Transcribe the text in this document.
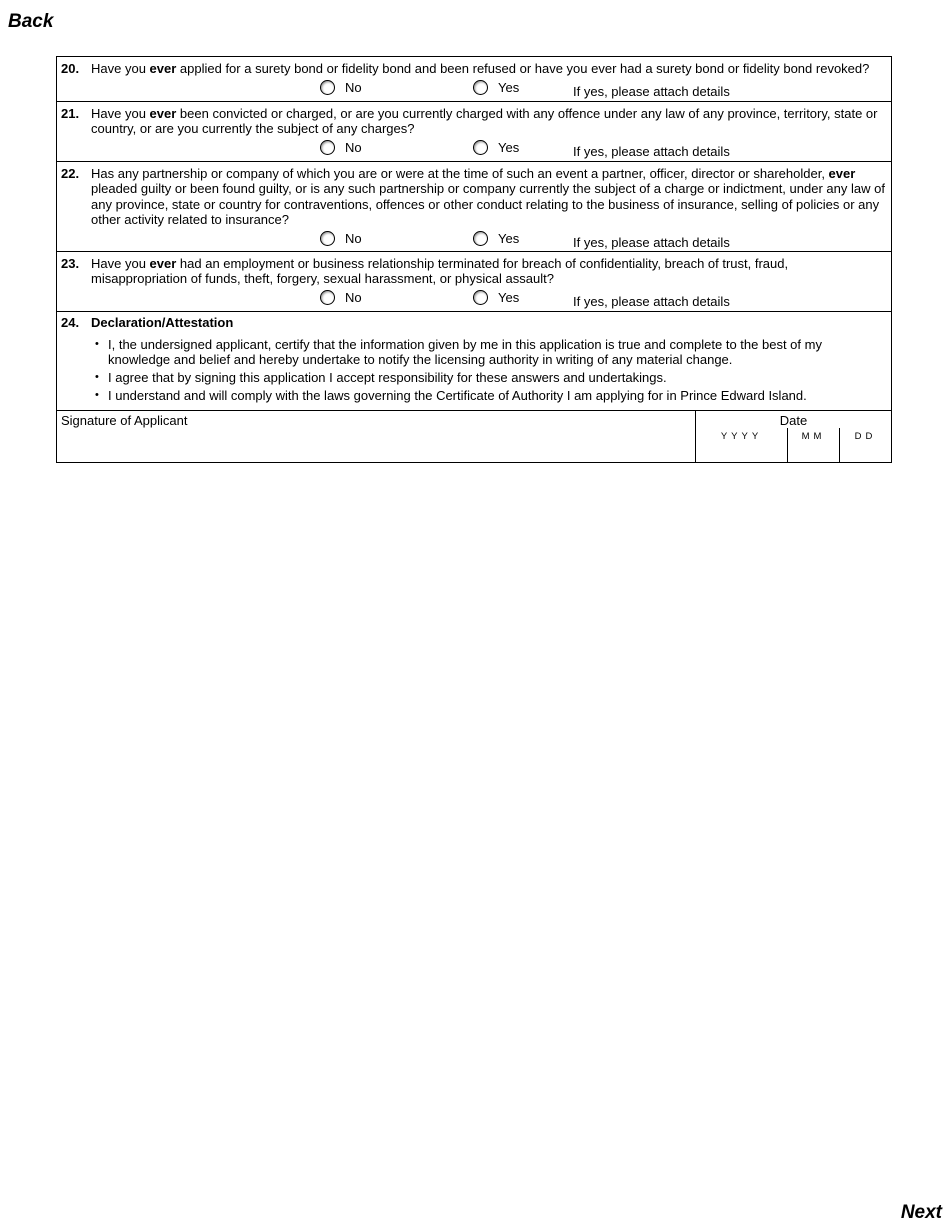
Back
20. Have you ever applied for a surety bond or fidelity bond and been refused or have you ever had a surety bond or fidelity bond revoked?
No	Yes	If yes, please attach details
21. Have you ever been convicted or charged, or are you currently charged with any offence under any law of any province, territory, state or country, or are you currently the subject of any charges?
No	Yes	If yes, please attach details
22. Has any partnership or company of which you are or were at the time of such an event a partner, officer, director or shareholder, ever pleaded guilty or been found guilty, or is any such partnership or company currently the subject of a charge or indictment, under any law of any province, state or country for contraventions, offences or other conduct relating to the business of insurance, selling of policies or any other activity related to insurance?
No	Yes	If yes, please attach details
23. Have you ever had an employment or business relationship terminated for breach of confidentiality, breach of trust, fraud, misappropriation of funds, theft, forgery, sexual harassment, or physical assault?
No	Yes	If yes, please attach details
24. Declaration/Attestation
• I, the undersigned applicant, certify that the information given by me in this application is true and complete to the best of my knowledge and belief and hereby undertake to notify the licensing authority in writing of any material change.
• I agree that by signing this application I accept responsibility for these answers and undertakings.
• I understand and will comply with the laws governing the Certificate of Authority I am applying for in Prince Edward Island.
Signature of Applicant	Date
YYYY	MM	DD
Next
